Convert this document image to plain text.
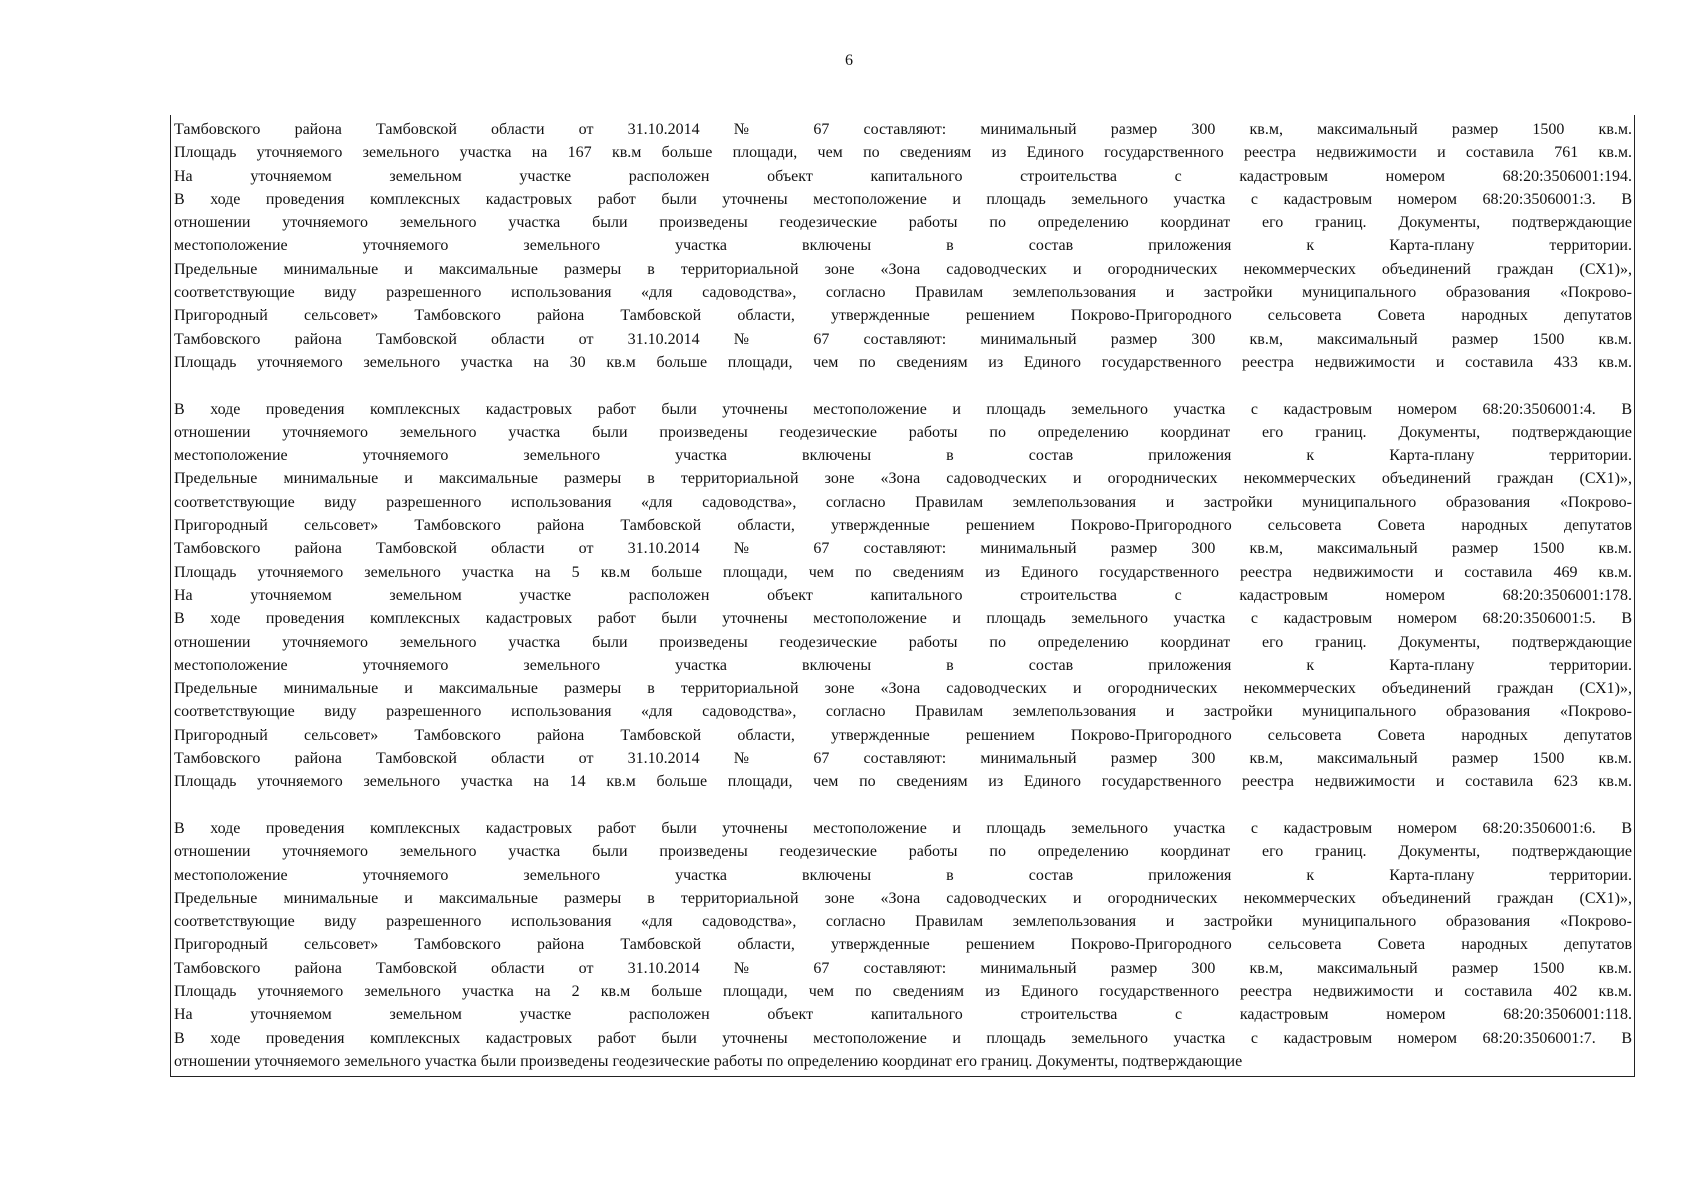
6
Тамбовского района Тамбовской области от 31.10.2014 № 67 составляют: минимальный размер 300 кв.м, максимальный размер 1500 кв.м.
Площадь уточняемого земельного участка на 167 кв.м больше площади, чем по сведениям из Единого государственного реестра недвижимости и составила 761 кв.м.
На уточняемом земельном участке расположен объект капитального строительства с кадастровым номером 68:20:3506001:194.
В ходе проведения комплексных кадастровых работ были уточнены местоположение и площадь земельного участка с кадастровым номером 68:20:3506001:3. В
отношении уточняемого земельного участка были произведены геодезические работы по определению координат его границ. Документы, подтверждающие
местоположение уточняемого земельного участка включены в состав приложения к Карта-плану территории.
Предельные минимальные и максимальные размеры в территориальной зоне «Зона садоводческих и огороднических некоммерческих объединений граждан (СХ1)»,
соответствующие виду разрешенного использования «для садоводства», согласно Правилам землепользования и застройки муниципального образования «Покрово-
Пригородный сельсовет» Тамбовского района Тамбовской области, утвержденные решением Покрово-Пригородного сельсовета Совета народных депутатов
Тамбовского района Тамбовской области от 31.10.2014 № 67 составляют: минимальный размер 300 кв.м, максимальный размер 1500 кв.м.
Площадь уточняемого земельного участка на 30 кв.м больше площади, чем по сведениям из Единого государственного реестра недвижимости и составила 433 кв.м.
В ходе проведения комплексных кадастровых работ были уточнены местоположение и площадь земельного участка с кадастровым номером 68:20:3506001:4. В
отношении уточняемого земельного участка были произведены геодезические работы по определению координат его границ. Документы, подтверждающие
местоположение уточняемого земельного участка включены в состав приложения к Карта-плану территории.
Предельные минимальные и максимальные размеры в территориальной зоне «Зона садоводческих и огороднических некоммерческих объединений граждан (СХ1)»,
соответствующие виду разрешенного использования «для садоводства», согласно Правилам землепользования и застройки муниципального образования «Покрово-
Пригородный сельсовет» Тамбовского района Тамбовской области, утвержденные решением Покрово-Пригородного сельсовета Совета народных депутатов
Тамбовского района Тамбовской области от 31.10.2014 № 67 составляют: минимальный размер 300 кв.м, максимальный размер 1500 кв.м.
Площадь уточняемого земельного участка на 5 кв.м больше площади, чем по сведениям из Единого государственного реестра недвижимости и составила 469 кв.м.
На уточняемом земельном участке расположен объект капитального строительства с кадастровым номером 68:20:3506001:178.
В ходе проведения комплексных кадастровых работ были уточнены местоположение и площадь земельного участка с кадастровым номером 68:20:3506001:5. В
отношении уточняемого земельного участка были произведены геодезические работы по определению координат его границ. Документы, подтверждающие
местоположение уточняемого земельного участка включены в состав приложения к Карта-плану территории.
Предельные минимальные и максимальные размеры в территориальной зоне «Зона садоводческих и огороднических некоммерческих объединений граждан (СХ1)»,
соответствующие виду разрешенного использования «для садоводства», согласно Правилам землепользования и застройки муниципального образования «Покрово-
Пригородный сельсовет» Тамбовского района Тамбовской области, утвержденные решением Покрово-Пригородного сельсовета Совета народных депутатов
Тамбовского района Тамбовской области от 31.10.2014 № 67 составляют: минимальный размер 300 кв.м, максимальный размер 1500 кв.м.
Площадь уточняемого земельного участка на 14 кв.м больше площади, чем по сведениям из Единого государственного реестра недвижимости и составила 623 кв.м.
В ходе проведения комплексных кадастровых работ были уточнены местоположение и площадь земельного участка с кадастровым номером 68:20:3506001:6. В
отношении уточняемого земельного участка были произведены геодезические работы по определению координат его границ. Документы, подтверждающие
местоположение уточняемого земельного участка включены в состав приложения к Карта-плану территории.
Предельные минимальные и максимальные размеры в территориальной зоне «Зона садоводческих и огороднических некоммерческих объединений граждан (СХ1)»,
соответствующие виду разрешенного использования «для садоводства», согласно Правилам землепользования и застройки муниципального образования «Покрово-
Пригородный сельсовет» Тамбовского района Тамбовской области, утвержденные решением Покрово-Пригородного сельсовета Совета народных депутатов
Тамбовского района Тамбовской области от 31.10.2014 № 67 составляют: минимальный размер 300 кв.м, максимальный размер 1500 кв.м.
Площадь уточняемого земельного участка на 2 кв.м больше площади, чем по сведениям из Единого государственного реестра недвижимости и составила 402 кв.м.
На уточняемом земельном участке расположен объект капитального строительства с кадастровым номером 68:20:3506001:118.
В ходе проведения комплексных кадастровых работ были уточнены местоположение и площадь земельного участка с кадастровым номером 68:20:3506001:7. В
отношении уточняемого земельного участка были произведены геодезические работы по определению координат его границ. Документы, подтверждающие
